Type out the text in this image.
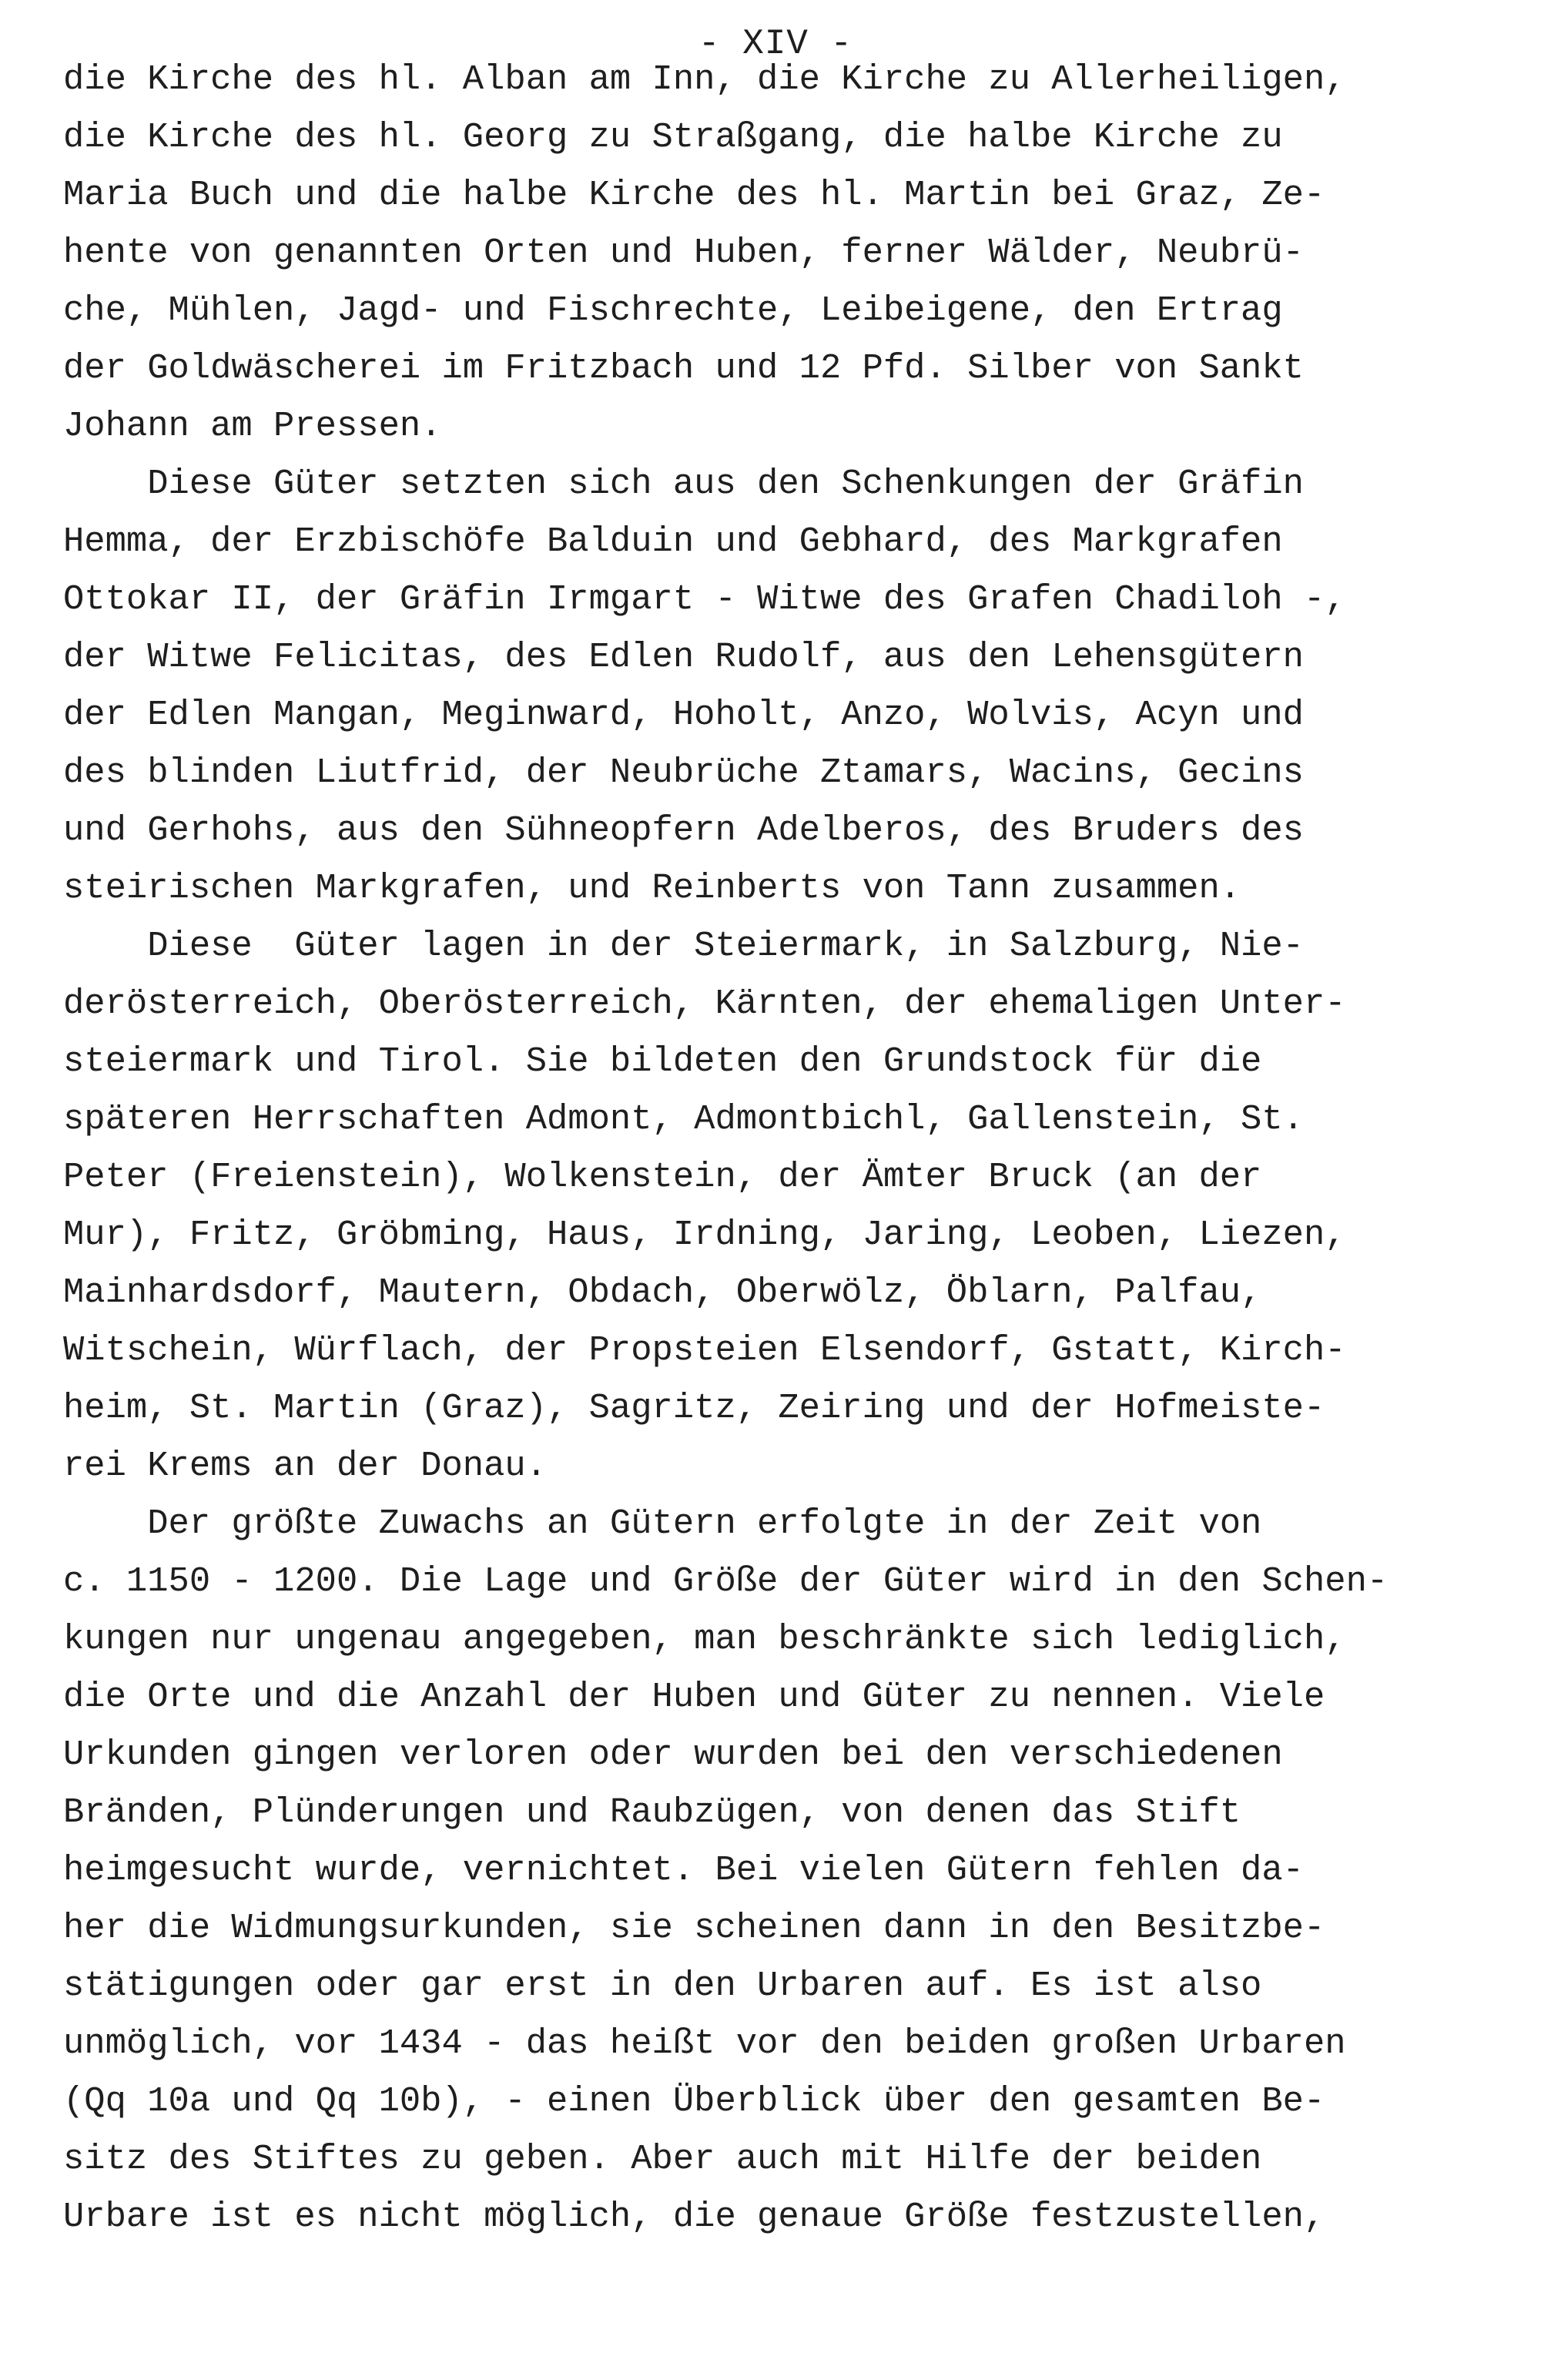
- XIV -
die Kirche des hl. Alban am Inn, die Kirche zu Allerheiligen,
die Kirche des hl. Georg zu Straßgang, die halbe Kirche zu
Maria Buch und die halbe Kirche des hl. Martin bei Graz, Ze-
hente von genannten Orten und Huben, ferner Wälder, Neubrü-
che, Mühlen, Jagd- und Fischrechte, Leibeigene, den Ertrag
der Goldwäscherei im Fritzbach und 12 Pfd. Silber von Sankt
Johann am Pressen.
Diese Güter setzten sich aus den Schenkungen der Gräfin
Hemma, der Erzbischöfe Balduin und Gebhard, des Markgrafen
Ottokar II, der Gräfin Irmgart - Witwe des Grafen Chadiloh -,
der Witwe Felicitas, des Edlen Rudolf, aus den Lehensgütern
der Edlen Mangan, Meginward, Hoholt, Anzo, Wolvis, Acyn und
des blinden Liutfrid, der Neubrüche Ztamars, Wacins, Gecins
und Gerhohs, aus den Sühneopfern Adelberos, des Bruders des
steirischen Markgrafen, und Reinberts von Tann zusammen.
Diese  Güter lagen in der Steiermark, in Salzburg, Nie-
derösterreich, Oberösterreich, Kärnten, der ehemaligen Unter-
steiermark und Tirol. Sie bildeten den Grundstock für die
späteren Herrschaften Admont, Admontbichl, Gallenstein, St.
Peter (Freienstein), Wolkenstein, der Ämter Bruck (an der
Mur), Fritz, Gröbming, Haus, Irdning, Jaring, Leoben, Liezen,
Mainhardsdorf, Mautern, Obdach, Oberwölz, Öblarn, Palfau,
Witschein, Würflach, der Propsteien Elsendorf, Gstatt, Kirch-
heim, St. Martin (Graz), Sagritz, Zeiring und der Hofmeiste-
rei Krems an der Donau.
Der größte Zuwachs an Gütern erfolgte in der Zeit von
c. 1150 - 1200. Die Lage und Größe der Güter wird in den Schen-
kungen nur ungenau angegeben, man beschränkte sich lediglich,
die Orte und die Anzahl der Huben und Güter zu nennen. Viele
Urkunden gingen verloren oder wurden bei den verschiedenen
Bränden, Plünderungen und Raubzügen, von denen das Stift
heimgesucht wurde, vernichtet. Bei vielen Gütern fehlen da-
her die Widmungsurkunden, sie scheinen dann in den Besitzbe-
stätigungen oder gar erst in den Urbaren auf. Es ist also
unmöglich, vor 1434 - das heißt vor den beiden großen Urbaren
(Qq 10a und Qq 10b), - einen Überblick über den gesamten Be-
sitz des Stiftes zu geben. Aber auch mit Hilfe der beiden
Urbare ist es nicht möglich, die genaue Größe festzustellen,
